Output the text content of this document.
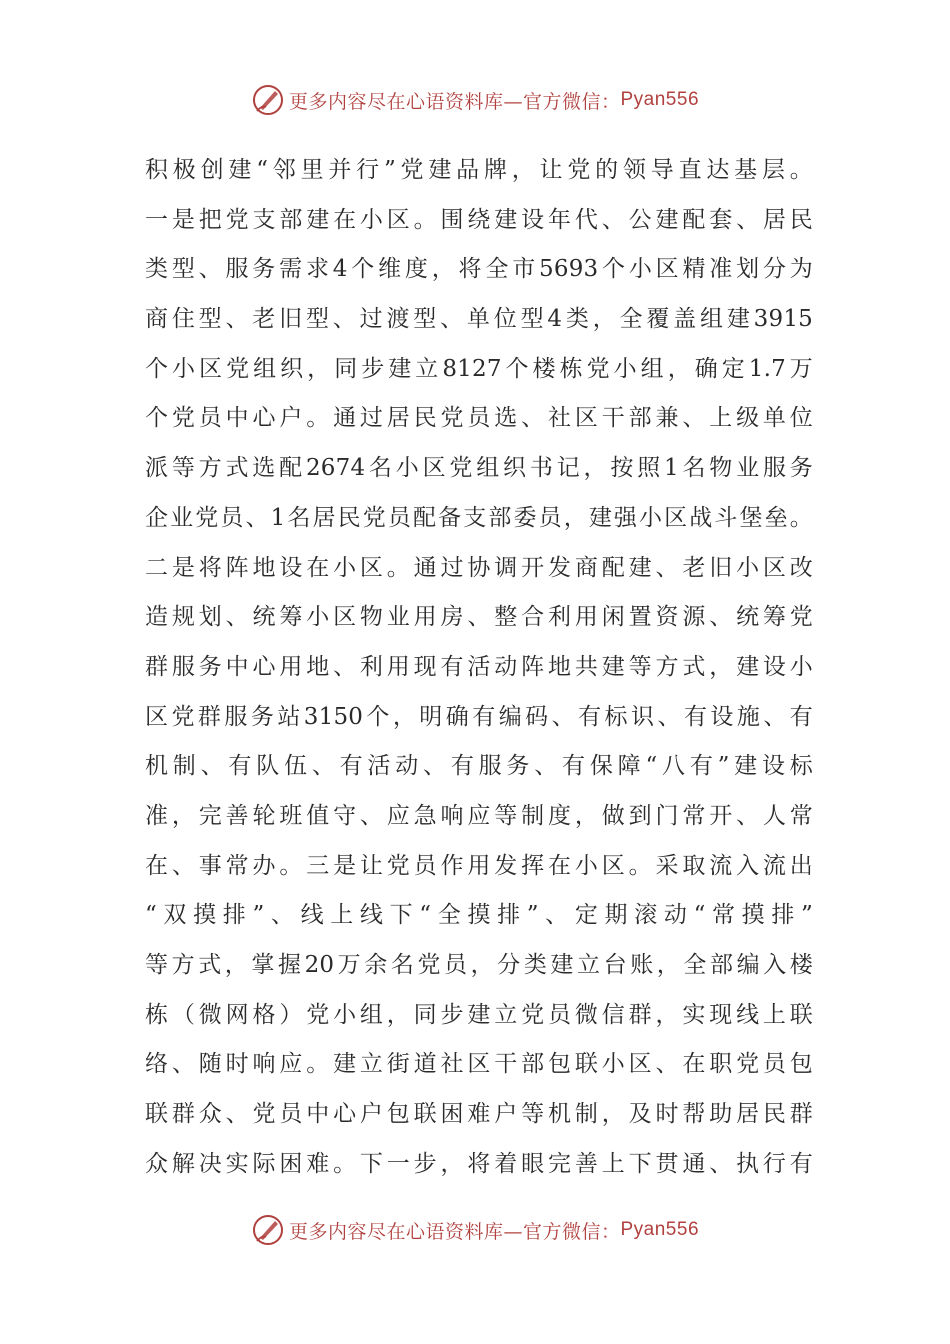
更多内容尽在心语资料库—官方微信： Pyan556
积极创建“邻里并行”党建品牌，让党的领导直达基层。
一是把党支部建在小区。围绕建设年代、公建配套、居民
类型、服务需求4个维度，将全市5693个小区精准划分为
商住型、老旧型、过渡型、单位型4类，全覆盖组建3915
个小区党组织，同步建立8127个楼栋党小组，确定1.7万
个党员中心户。通过居民党员选、社区干部兼、上级单位
派等方式选配2674名小区党组织书记，按照1名物业服务
企业党员、1名居民党员配备支部委员，建强小区战斗堡垒。
二是将阵地设在小区。通过协调开发商配建、老旧小区改
造规划、统筹小区物业用房、整合利用闲置资源、统筹党
群服务中心用地、利用现有活动阵地共建等方式，建设小
区党群服务站3150个，明确有编码、有标识、有设施、有
机制、有队伍、有活动、有服务、有保障“八有”建设标
准，完善轮班值守、应急响应等制度，做到门常开、人常
在、事常办。三是让党员作用发挥在小区。采取流入流出
“双摸排”、线上线下“全摸排”、定期滚动“常摸排”
等方式，掌握20万余名党员，分类建立台账，全部编入楼
栋（微网格）党小组，同步建立党员微信群，实现线上联
络、随时响应。建立街道社区干部包联小区、在职党员包
联群众、党员中心户包联困难户等机制，及时帮助居民群
众解决实际困难。下一步，将着眼完善上下贯通、执行有
更多内容尽在心语资料库—官方微信： Pyan556
